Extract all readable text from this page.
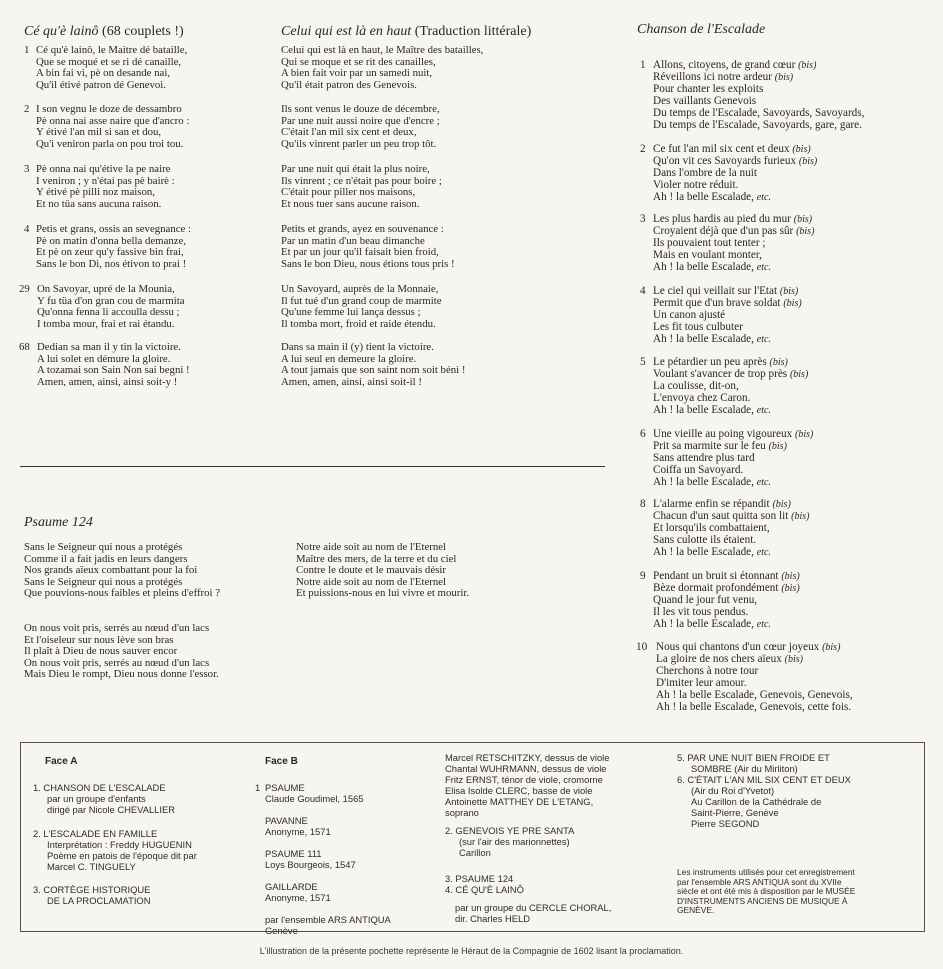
Cé qu'è lainô (68 couplets !)
1 Cé qu'è lainô, le Maitre dé bataille,
Que se moqué et se ri dé canaille,
A bin fai vi, pè on desande nai,
Qu'il étivé patron dé Genevoi.
2 I son vegnu le doze de dessambro
Pè onna nai asse naire que d'ancro :
Y étivé l'an mil si san et dou,
Qu'i veniron parla on pou troi tou.
3 Pè onna nai qu'étive la pe naire
I veniron ; y n'étai pas pè bairè :
Y étivé pè pilli noz maison,
Et no tüa sans aucuna raison.
4 Petis et grans, ossis an sevegnance :
Pè on matin d'onna bella demanze,
Et pè on zeur qu'y fassive bin frai,
Sans le bon Di, nos étivon to prai !
29 On Savoyar, upré de la Mounia,
Y fu tüa d'on gran cou de marmita
Qu'onna fenna li accoulla dessu ;
I tomba mour, frai et rai étandu.
68 Dedian sa man il y tin la victoire.
A lui solet en démure la gloire.
A tozamai son Sain Non sai begni !
Amen, amen, ainsi, ainsi soit-y !
Celui qui est là en haut (Traduction littérale)
Celui qui est là en haut, le Maître des batailles,
Qui se moque et se rit des canailles,
A bien fait voir par un samedi nuit,
Qu'il était patron des Genevois.
Ils sont venus le douze de décembre,
Par une nuit aussi noire que d'encre ;
C'était l'an mil six cent et deux,
Qu'ils vinrent parler un peu trop tôt.
Par une nuit qui était la plus noire,
Ils vinrent ; ce n'était pas pour boire ;
C'était pour piller nos maisons,
Et nous tuer sans aucune raison.
Petits et grands, ayez en souvenance :
Par un matin d'un beau dimanche
Et par un jour qu'il faisait bien froid,
Sans le bon Dieu, nous étions tous pris !
Un Savoyard, auprès de la Monnaie,
Il fut tué d'un grand coup de marmite
Qu'une femme lui lança dessus ;
Il tomba mort, froid et raide étendu.
Dans sa main il (y) tient la victoire.
A lui seul en demeure la gloire.
A tout jamais que son saint nom soit béni !
Amen, amen, ainsi, ainsi soit-il !
Chanson de l'Escalade
1 Allons, citoyens, de grand cœur (bis)
Réveillons ici notre ardeur (bis)
Pour chanter les exploits
Des vaillants Genevois
Du temps de l'Escalade, Savoyards, Savoyards,
Du temps de l'Escalade, Savoyards, gare, gare.
2 Ce fut l'an mil six cent et deux (bis)
Qu'on vit ces Savoyards furieux (bis)
Dans l'ombre de la nuit
Violer notre réduit.
Ah ! la belle Escalade, etc.
3 Les plus hardis au pied du mur (bis)
Croyaient déjà que d'un pas sûr (bis)
Ils pouvaient tout tenter ;
Mais en voulant monter,
Ah ! la belle Escalade, etc.
4 Le ciel qui veillait sur l'Etat (bis)
Permit que d'un brave soldat (bis)
Un canon ajusté
Les fit tous culbuter
Ah ! la belle Escalade, etc.
5 Le pétardier un peu après (bis)
Voulant s'avancer de trop près (bis)
La coulisse, dit-on,
L'envoya chez Caron.
Ah ! la belle Escalade, etc.
6 Une vieille au poing vigoureux (bis)
Prit sa marmite sur le feu (bis)
Sans attendre plus tard
Coiffa un Savoyard.
Ah ! la belle Escalade, etc.
8 L'alarme enfin se répandit (bis)
Chacun d'un saut quitta son lit (bis)
Et lorsqu'ils combattaient,
Sans culotte ils étaient.
Ah ! la belle Escalade, etc.
9 Pendant un bruit si étonnant (bis)
Bèze dormait profondément (bis)
Quand le jour fut venu,
Il les vit tous pendus.
Ah ! la belle Escalade, etc.
10 Nous qui chantons d'un cœur joyeux (bis)
La gloire de nos chers aïeux (bis)
Cherchons à notre tour
D'imiter leur amour.
Ah ! la belle Escalade, Genevois, Genevois,
Ah ! la belle Escalade, Genevois, cette fois.
Psaume 124
Sans le Seigneur qui nous a protégés
Comme il a fait jadis en leurs dangers
Nos grands aïeux combattant pour la foi
Sans le Seigneur qui nous a protégés
Que pouvions-nous faibles et pleins d'effroi ?
On nous voit pris, serrés au nœud d'un lacs
Et l'oiseleur sur nous lève son bras
Il plaît à Dieu de nous sauver encor
On nous voit pris, serrés au nœud d'un lacs
Mais Dieu le rompt, Dieu nous donne l'essor.
Notre aide soit au nom de l'Eternel
Maître des mers, de la terre et du ciel
Contre le doute et le mauvais désir
Notre aide soit au nom de l'Eternel
Et puissions-nous en lui vivre et mourir.
Face A	Face B
1. CHANSON DE L'ESCALADE
par un groupe d'enfants
dirigé par Nicole CHEVALLIER
2. L'ESCALADE EN FAMILLE
Interprétation : Freddy HUGUENIN
Poème en patois de l'époque dit par
Marcel C. TINGUELY
3. CORTÈGE HISTORIQUE
DE LA PROCLAMATION
1 PSAUME
Claude Goudimel, 1565

PAVANNE
Anonyme, 1571

PSAUME 111
Loys Bourgeois, 1547

GAILLARDE
Anonyme, 1571

par l'ensemble ARS ANTIQUA
Genève
Marcel RETSCHITZKY, dessus de viole
Chantal WUHRMANN, dessus de viole
Fritz ERNST, ténor de viole, cromorne
Elisa Isolde CLERC, basse de viole
Antoinette MATTHEY DE L'ETANG,
soprano
2. GENEVOIS YE PRE SANTA
(sur l'air des marionnettes)
Carillon
3. PSAUME 124
4. CÉ QU'È LAINÔ
par un groupe du CERCLE CHORAL,
dir. Charles HELD
5. PAR UNE NUIT BIEN FROIDE ET
SOMBRE (Air du Mirliton)
6. C'ÉTAIT L'AN MIL SIX CENT ET DEUX
(Air du Roi d'Yvetot)
Au Carillon de la Cathédrale de
Saint-Pierre, Genève
Pierre SEGOND
Les instruments utilisés pour cet enregistrement
par l'ensemble ARS ANTIQUA sont du XVIIe
siècle et ont été mis à disposition par le MUSÉE
D'INSTRUMENTS ANCIENS DE MUSIQUE À
GENÈVE.
L'illustration de la présente pochette représente le Héraut de la Compagnie de 1602 lisant la proclamation.
